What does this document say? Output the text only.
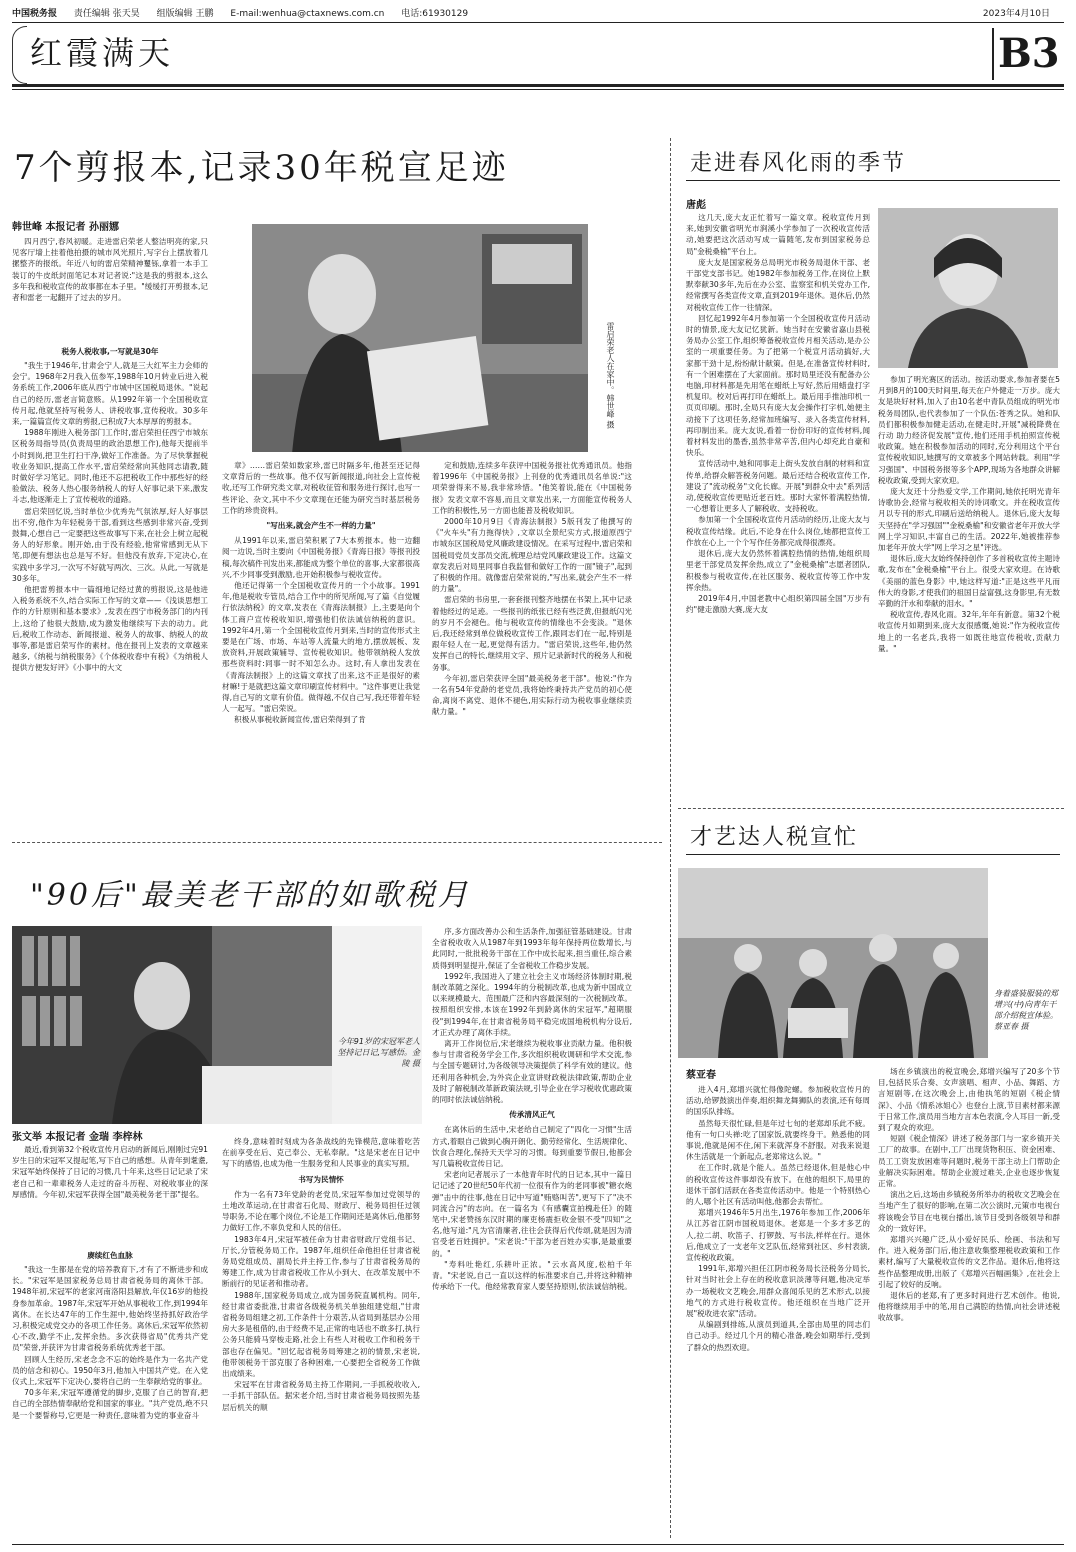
中国税务报 责任编辑 张天昊 组版编辑 王鹏 E-mail:wenhua@ctaxnews.com.cn 电话:61930129	2023年4月10日
红霞满天	B3
7个剪报本,记录30年税宣足迹
韩世峰 本报记者 孙丽娜
雷启荣老人在家中。韩世峰 摄

四月西宁,春风初暖。走进雷启荣老人整洁明亮的家,只见客厅墙上挂着他拍摄的城市风光照片,写字台上摆放着几摞整齐的报纸。年近八旬的雷启荣精神矍铄,拿着一本手工装订的牛皮纸封面笔记本对记者说:"这是我的剪报本,这么多年我和税收宣传的故事都在本子里。"缓缓打开剪报本,记者和雷老一起翻开了过去的岁月。

税务人税收事,一写就是30年

"我生于1946年,甘肃会宁人,就是三大红军主力会师的会宁。1968年2月我入伍参军,1988年10月转业后进入税务系统工作,2006年底从西宁市城中区国税局退休。"说起自己的经历,雷老言简意赅。从1992年第一个全国税收宣传月起,他就坚持写税务人、讲税收事,宣传税收。30多年来,一篇篇宣传文章的剪报,已积成7大本厚厚的剪报本。

1988年刚进入税务部门工作时,雷启荣担任西宁市城东区税务局指导员(负责局里的政治思想工作),他每天提前半小时到岗,把卫生打扫干净,做好工作准备。为了尽快掌握税收业务知识,提高工作水平,雷启荣经常向其他同志请教,随时做好学习笔记。同时,他还不忘把税收工作中那些好的经验做法、税务人热心服务纳税人的好人好事记录下来,激发斗志,他逐渐走上了宣传税收的道路。

雷启荣回忆说,当时单位少优秀先气氛浓厚,好人好事层出不穷,他作为年轻税务干部,看到这些感到非常兴奋,受到鼓舞,心想自己一定要把这些故事写下来,在社会上树立起税务人的好形象。刚开始,由于没有经验,他常常感到无从下笔,即便有想法也总是写不好。但他没有放弃,下定决心,在实践中多学习,一次写不好就写两次、三次。从此,一写就是30多年。

他把雷剪报本中一篇细地记经过黄的剪报说,这是他进入税务系统不久,结合实际工作写的文章——《浅谈思想工作的方针原则和基本要求》,发表在西宁市税务部门的内刊上,这给了他很大鼓励,成为激发他继续写下去的动力。此后,税收工作动态、新闻报道、税务人的故事、纳税人的故事等,都是雷启荣写作的素材。他在报刊上发表的文章越来越多,《纳税与纳税服务》《个体税收春中有税》《为纳税人提供方便发好评》《小事中的大文

章》……雷启荣如数家珍,雷已时隔多年,他甚至还记得文章背后的一些故事。他不仅写新闻报道,向社会上宣传税收,还写工作研究类文章,对税收征管和服务进行探讨,也写一些评论、杂文,其中不少文章现在还能为研究当时基层税务工作的珍贵资料。

"写出来,就会产生不一样的力量"

从1991年以来,雷启荣积累了7大本剪报本。他一边翻阅一边说,当时主要向《中国税务报》《青海日报》等报刊投稿,每次稿件刊发出来,都能成为整个单位的喜事,大家都很高兴,不少同事受到激励,也开始积极参与税收宣传。

他还记得第一个全国税收宣传月的一个小故事。1991年,他是税收专管员,结合工作中的所见所闻,写了篇《自觉履行依法纳税》的文章,发表在《青海法制报》上,主要是向个体工商户宣传税收知识,增强他们依法诚信纳税的意识。1992年4月,第一个全国税收宣传月到来,当时的宣传形式主要是在广场、市场、车站等人流量大的地方,摆放展板、发放资料,开展政策辅导、宣传税收知识。他带领纳税人发放那些资料时:同事一时不知怎么办。这时,有人拿出发表在《青海法制报》上的这篇文章找了出来,这不正是很好的素材嘛!于是就把这篇文章印刷宣传材料中。"这件事更让我觉得,自己写的文章有价值。做得越,不仅自己写,我还带着年轻人一起写。"雷启荣说。

积极从事税收新闻宣传,雷启荣得到了肯

定和鼓励,连续多年获评中国税务报社优秀通讯员。他指着1996年《中国税务报》上刊登的优秀通讯员名单说:"这项荣誉得来不易,我非常珍惜。"他笑着说,能在《中国税务报》发表文章不容易,而且文章发出来,一方面能宣传税务人工作的积极性,另一方面也能普及税收知识。

2000年10月9日《青海法制报》5版刊发了他撰写的《"火车头"有力拖得快》,文章以全景纪实方式,报道原西宁市城东区国税局党风廉政建设情况。在采写过程中,雷启荣和国税局党员支部员交流,梳理总结党风廉政建设工作。这篇文章发表后对局里同事自我监督和做好工作的一面"镜子",起到了积极的作用。就像雷启荣常说的,"写出来,就会产生不一样的力量"。

雷启荣的书房里,一套套报刊整齐地摆在书架上,其中记录着他经过的足迹。一些报刊的纸张已经有些泛黄,但报纸闪光的岁月不会褪色。他与税收宣传的情缘也不会变淡。"退休后,我还经常到单位做税收宣传工作,跟同志们在一起,特别是跟年轻人在一起,更觉得有活力。"雷启荣说,这些年,他仍然发挥自己的特长,继续用文字、照片记录新时代的税务人和税务事。

今年初,雷启荣获评全国"最美税务老干部"。他说:"作为一名有54年党龄的老党员,我将始终秉持共产党员的初心使命,离岗不离党、退休不褪色,用实际行动为税收事业继续贡献力量。"

走进春风化雨的季节
唐彪

这几天,庞大友正忙着写一篇文章。税收宣传月到来,她到安徽省明光市涧溪小学参加了一次税收宣传活动,她要把这次活动写成一篇随笔,发布到国家税务总局"金税桑榆"平台上。

庞大友是国家税务总局明光市税务局退休干部、老干部党支部书记。她1982年参加税务工作,在岗位上默默奉献30多年,先后在办公室、监察室和机关党办工作,经常撰写各类宣传文章,直到2019年退休。退休后,仍然对税收宣传工作一往情深。

回忆起1992年4月参加第一个全国税收宣传月活动时的情景,庞大友记忆犹新。她当时在安徽省嘉山县税务局办公室工作,组织筹备税收宣传月相关活动,是办公室的一项重要任务。为了把第一个税宣月活动搞好,大家都干劲十足,纷纷献计献策。但是,在准备宣传材料时,有一个困难摆在了大家面前。那时局里还没有配备办公电脑,印材料都是先用笔在蜡纸上写好,然后用蜡盘打字机复印。校对后再打印在蜡纸上。最后用手推油印机一页页印刷。那时,全局只有庞大友会操作打字机,她便主动接下了这项任务,经常加班编写、录入各类宣传材料,再印制出来。庞大友说,看着一份份印好的宣传材料,闻着材料发出的墨香,虽然非常辛苦,但内心却充此自豪和快乐。

宣传活动中,她和同事走上街头发放自制的材料和宣传单,给群众解答税务问题。最后还结合税收宣传工作,建设了"流动税务"文化长廊。开展"到群众中去"系列活动,使税收宣传更贴近老百姓。那时大家怀着满腔热情,一心想着让更多人了解税收、支持税收。

参加第一个全国税收宣传月活动的经历,让庞大友与税收宣传结缘。此后,不论身在什么岗位,她都把宣传工作放在心上,一个个写作任务都完成得很漂亮。

退休后,庞大友仍然怀着满腔热情的热情,她组织局里老干部党员发挥余热,成立了"金税桑榆"志愿者团队,积极参与税收宣传,在社区服务、税收宣传等工作中发挥余热。

2019年4月,中国老教中心组织第四届全国"万步有约"健走激励大赛,庞大友

参加了明光赛区的活动。按活动要求,参加者要在5月到8月的100天时间里,每天在户外健走一万步。庞大友是块好材料,加入了由10名老中青队员组成的明光市税务局团队,也代表参加了一个队伍:苍秀之队。她和队员们都积极参加健走活动,在健走时,开展"减税降费在行动 助力经济促发展"宣传,他们还用手机拍照宣传税收政策。她在积极参加活动的同时,充分利用这个平台宣传税收知识,她撰写的文章被多个网站转载。利用"学习强国"、中国税务报等多个APP,现场为各地群众讲解税收政策,受到大家欢迎。

庞大友还十分热爱文学,工作期间,她依托明光青年诗歌协会,经常与税收相关的诗词歌文。并在税收宣传月以专刊的形式,印刷后送给纳税人。退休后,庞大友每天坚持在"学习强国""金税桑榆"和安徽省老年开放大学网上学习知识,丰富自己的生活。2022年,她被推荐参加老年开放大学"网上学习之星"评选。

退休后,庞大友始终保持创作了多首税收宣传主题诗歌,发布在"金税桑榆"平台上。很受大家欢迎。在诗歌《美丽的蓝色身影》中,她这样写道:"正是这些平凡而伟大的身影,才使我们的祖国日益富强,这身影里,有无数辛勤的汗水和奉献的泪水。"

税收宣传,春风化雨。32年,年年有新意。第32个税收宣传月如期到来,庞大友很感慨,她说:"作为税收宣传地上的一名老兵,我将一如既往地宣传税收,贡献力量。"

"90后"最美老干部的如歌税月
今年91岁的宋冠军老人坚持记日记,写感悟。金陵 摄
张文举 本报记者 金瑞 李梓林

最近,看到第32个税收宣传月启动的新闻后,刚刚过完91岁生日的宋冠军又提起笔,写下自己的感想。从青年到耄耋,宋冠军始终保持了日记的习惯,几十年来,这些日记记录了宋老自己和一辈辈税务人走过的奋斗历程、对税收事业的深厚感情。今年初,宋冠军获得全国"最美税务老干部"提名。

赓续红色血脉

"我这一生都是在党的培养教育下,才有了不断进步和成长。"宋冠军是国家税务总局甘肃省税务局的离休干部。1948年初,宋冠军的老家河南洛阳县解放,年仅16岁的他投身参加革命。1987年,宋冠军开始从事税收工作,到1994年离休。在长达47年的工作生涯中,他始终坚持抓好政治学习,积极完成党交办的各项工作任务。离休后,宋冠军依然初心不改,勤学不止,发挥余热。多次获得省局"优秀共产党员"荣誉,并获评为甘肃省税务系统优秀老干部。

回顾人生经历,宋老念念不忘的始终是作为一名共产党员的信念和初心。1950年3月,他加入中国共产党。在入党仪式上,宋冠军下定决心,要将自己的一生奉献给党的事业。

70多年来,宋冠军遵循党的脚步,克服了自己的智育,把自己的全部热情奉献给党和国家的事业。"共产党员,绝不只是一个要誓称号,它更是一种责任,意味着为党的事业奋斗

终身,意味着时刻成为各条战线的先锋模范,意味着吃苦在前享受在后、克己奉公、无私奉献。"这是宋老在日记中写下的感悟,也成为他一生服务党和人民事业的真实写照。

书写为民情怀

作为一名有73年党龄的老党员,宋冠军参加过党领导的土地改革运动,在甘肃省石化局、财政厅、税务局担任过领导职务,不论在哪个岗位,不论是工作期间还是离休后,他都努力做好工作,不辜负党和人民的信任。

1983年4月,宋冠军被任命为甘肃省财政厅党组书记、厅长,分管税务局工作。1987年,组织任命他担任甘肃省税务局党组成员、副局长并主持工作,参与了甘肃省税务局的筹建工作,成为甘肃省税收工作从小到大、在改革发展中不断前行的见证者和推动者。

1988年,国家税务局成立,成为国务院直属机构。同年,经甘肃省委批准,甘肃省各级税务机关单独组建党组,"甘肃省税务局组建之初,工作条件十分艰苦,从省局到基层办公用房大多是租借的,由于经费不足,正常的电话也不敢多打,执行公务只能骑马穿梭走路,社会上有些人对税收工作和税务干部也存在偏见。"回忆起省税务局筹建之初的情景,宋老说,他带领税务干部克服了各种困难,一心要把全省税务工作做出成绩来。

宋冠军在甘肃省税务局主持工作期间,一手抓税收收入,一手抓干部队伍。据宋老介绍,当时甘肃省税务局按照先基层后机关的顺

序,多方面改善办公和生活条件,加强征管基础建设。甘肃全省税收收入从1987年到1993年每年保持两位数增长,与此同时,一批批税务干部在工作中成长起来,担当重任,综合素质得到明显提升,保证了全省税收工作稳步发展。

1992年,我国进入了建立社会主义市场经济体制时期,税制改革随之深化。1994年的分税制改革,也成为新中国成立以来规模最大、范围最广泛和内容最深刻的一次税制改革。按照组织安排,本该在1992年到龄离休的宋冠军,"超期服役"到1994年,在甘肃省税务局平稳完成国地税机构分设后,才正式办理了离休手续。

离开工作岗位后,宋老继续为税收事业贡献力量。他积极参与甘肃省税务学会工作,多次组织税收调研和学术交流,参与全国专题研讨,为各级领导决策提供了科学有效的建议。他还利用各种机会,为外宾企业宣讲财政税法律政策,帮助企业及时了解税制改革新政策法规,引导企业在学习税收优惠政策的同时依法诚信纳税。

传承清风正气

在离休后的生活中,宋老给自己制定了"四化一习惯"生活方式,着眼自己做到心胸开朗化、勤劳经常化、生活规律化、饮食合理化,保持天天学习的习惯。每到重要节假日,他都会写几篇税收宣传日记。

宋老向记者展示了一本他青年时代的日记本,其中一篇日记记述了20世纪50年代初一位很有作为的老同事被"糖衣炮弹"击中的往事,他在日记中写道"贿赂叫苦",更写下了"决不同流合污"的志向。在一篇名为《有感囊宣拍槐赴任》的随笔中,宋老赞扬东汉时期的廉吏杨震拒收金银不受"四知"之名,他写道:"凡为官清廉者,往往会获得后代传颂,就是因为清官受老百姓拥护。"宋老说:"干部为老百姓办实事,是最重要的。"

"寿料吐艳红,乐耕叶正浓。"云水高风度,松柏千年青。"宋老说,自己一直以这样的标准要求自己,并将这种精神传承给下一代。他经常教育家人要坚持原则,依法诚信纳税。

才艺达人税宣忙
身着盛装服装的郑增兴(中)向青年干部介绍税宣体验。蔡亚春 摄
蔡亚春

进入4月,郑增兴就忙得像陀螺。参加税收宣传月的活动,给锣鼓演出伴奏,组织舞龙舞狮队的表演,还有每周的国乐队排练。

虽然每天很忙碌,但是年过七旬的老郑却乐此不疲。他有一句口头禅:吃了国家饭,就要终身干。熟悉他的同事说,他就是闲不住,闲下来就浑身不舒服。对我来说退休生活就是一个新起点,老郑常这么说。"

在工作时,就是个能人。虽然已经退休,但是他心中的税收宣传这件事却没有放下。在他的组织下,局里的退休干部们活跃在各类宣传活动中。他是一个特别热心的人,哪个社区有活动叫他,他都会去帮忙。

郑增兴1946年5月出生,1976年参加工作,2006年从江苏省江阴市国税局退休。老郑是一个多才多艺的人,拉二胡、吹笛子、打锣鼓、写书法,样样在行。退休后,他成立了一支老年文艺队伍,经常到社区、乡村表演,宣传税收政策。

1991年,郑增兴担任江阴市税务局长泾税务分局长,针对当时社会上存在的税收意识淡薄等问题,他决定举办一场税收文艺晚会,用群众喜闻乐见的艺术形式,以接地气的方式进行税收宣传。他还组织在当地广泛开展"税收进农家"活动。

从编剧到排练,从演员到道具,全部由局里的同志们自己动手。经过几个月的精心准备,晚会如期举行,受到了群众的热烈欢迎。

场在乡镇演出的税宣晚会,郑增兴编写了20多个节目,包括民乐合奏、女声演唱、相声、小品、舞蹈、方言短剧等,在这次晚会上,由他执笔的短剧《税企情深》、小品《情系冰姐心》也登台上演,节目素材都来源于日常工作,演员用当地方言本色表演,令人耳目一新,受到了观众的欢迎。

短剧《税企情深》讲述了税务部门与一家乡镇开关工厂的故事。在剧中,工厂出现货物积压、资金困难、员工工资发放困难等问题时,税务干部主动上门帮助企业解决实际困难。帮助企业渡过难关,企业也逐步恢复正常。

演出之后,这场由乡镇税务所举办的税收文艺晚会在当地产生了很好的影响,在第二次公演时,元策市电视台将该晚会节目在电视台播出,该节目受到各级领导和群众的一致好评。

郑增兴兴趣广泛,从小爱好民乐、绘画、书法和写作。进入税务部门后,他注意收集整理税收政策和工作素材,编写了大量税收宣传的文艺作品。退休后,他将这些作品整理成册,出版了《郑增兴百幅画集》,在社会上引起了较好的反响。

退休后的老郑,有了更多时间进行艺术创作。他说,他将继续用手中的笔,用自己满腔的热情,向社会讲述税收故事。
